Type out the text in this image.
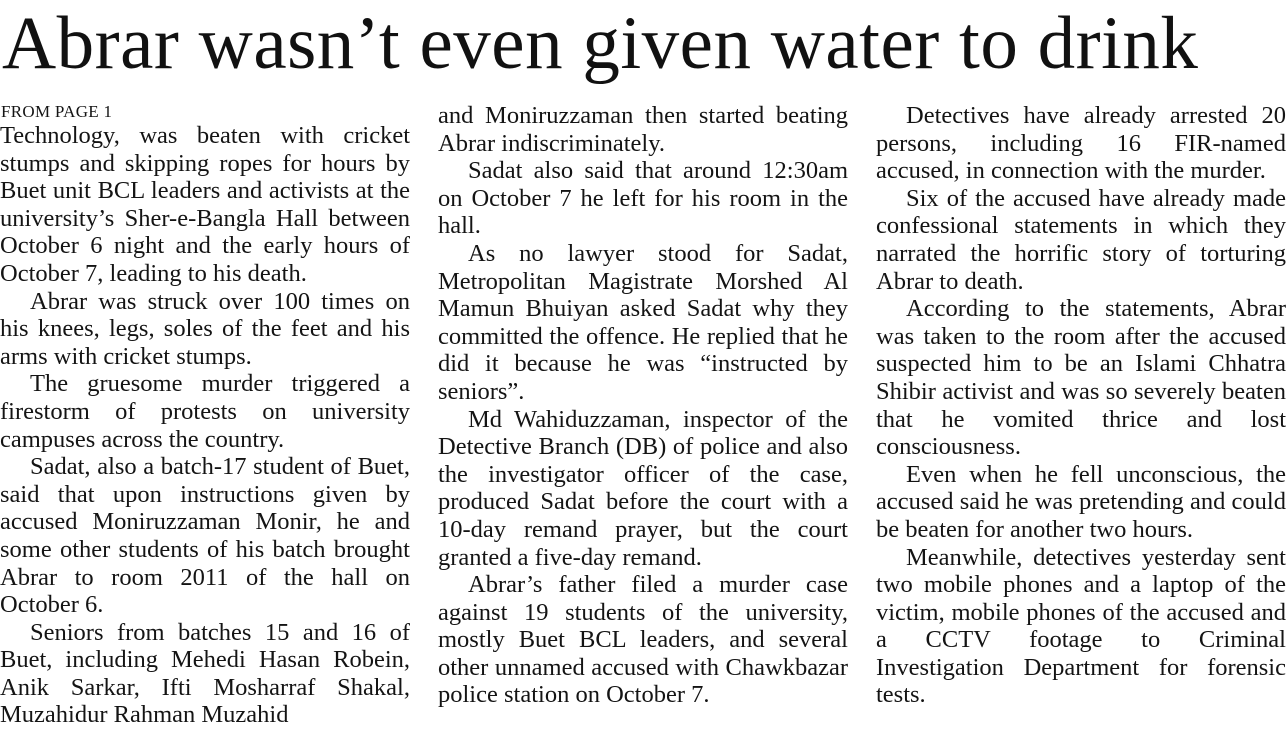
Abrar wasn’t even given water to drink
FROM PAGE 1

Technology, was beaten with cricket stumps and skipping ropes for hours by Buet unit BCL leaders and activists at the university’s Sher-e-Bangla Hall between October 6 night and the early hours of October 7, leading to his death.

Abrar was struck over 100 times on his knees, legs, soles of the feet and his arms with cricket stumps.

The gruesome murder triggered a firestorm of protests on university campuses across the country.

Sadat, also a batch-17 student of Buet, said that upon instructions given by accused Moniruzzaman Monir, he and some other students of his batch brought Abrar to room 2011 of the hall on October 6.

Seniors from batches 15 and 16 of Buet, including Mehedi Hasan Robein, Anik Sarkar, Ifti Mosharraf Shakal, Muzahidur Rahman Muzahid

and Moniruzzaman then started beating Abrar indiscriminately.

Sadat also said that around 12:30am on October 7 he left for his room in the hall.

As no lawyer stood for Sadat, Metropolitan Magistrate Morshed Al Mamun Bhuiyan asked Sadat why they committed the offence. He replied that he did it because he was “instructed by seniors”.

Md Wahiduzzaman, inspector of the Detective Branch (DB) of police and also the investigator officer of the case, produced Sadat before the court with a 10-day remand prayer, but the court granted a five-day remand.

Abrar’s father filed a murder case against 19 students of the university, mostly Buet BCL leaders, and several other unnamed accused with Chawkbazar police station on October 7.

Detectives have already arrested 20 persons, including 16 FIR-named accused, in connection with the murder.

Six of the accused have already made confessional statements in which they narrated the horrific story of torturing Abrar to death.

According to the statements, Abrar was taken to the room after the accused suspected him to be an Islami Chhatra Shibir activist and was so severely beaten that he vomited thrice and lost consciousness.

Even when he fell unconscious, the accused said he was pretending and could be beaten for another two hours.

Meanwhile, detectives yesterday sent two mobile phones and a laptop of the victim, mobile phones of the accused and a CCTV footage to Criminal Investigation Department for forensic tests.
